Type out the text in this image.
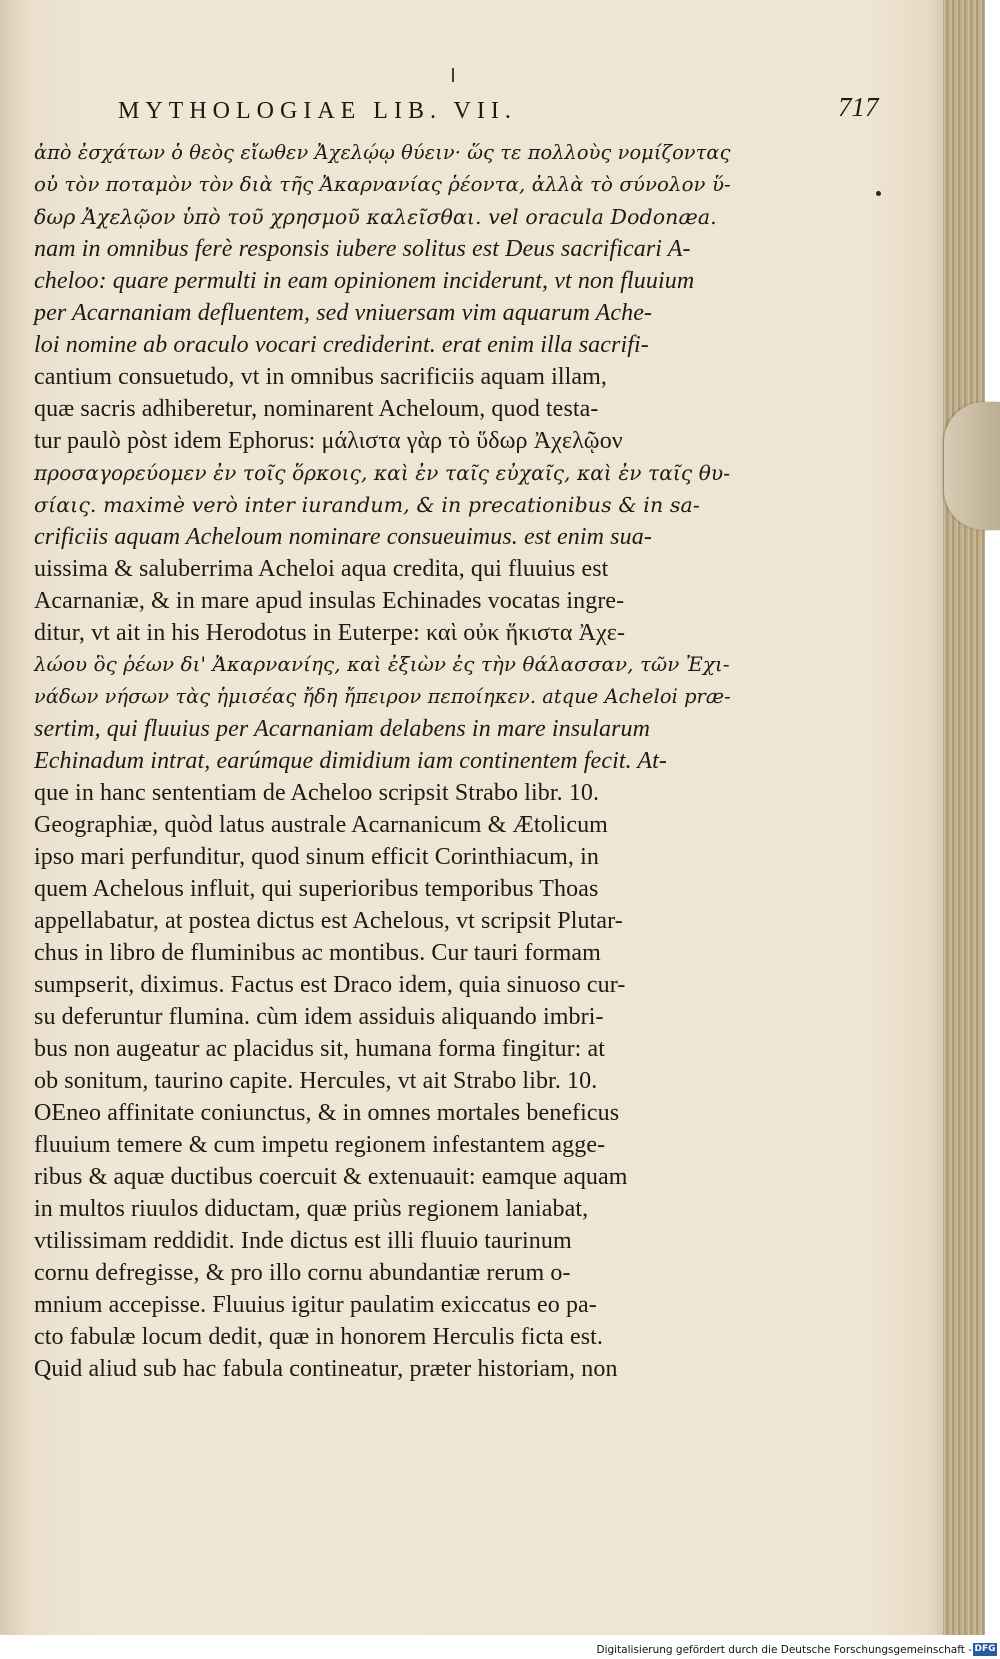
MYTHOLOGIAE LIB. VII.	717
ἀπὸ ἐσχάτων ὁ θεὸς εἴωθεν Ἀχελῴῳ θύειν· ὥς τε πολλοὺς νομίζοντας
οὐ τὸν ποταμὸν τὸν διὰ τῆς Ἀκαρνανίας ῥέοντα, ἀλλὰ τὸ σύνολον ὕ-
δωρ Ἀχελῷον ὑπὸ τοῦ χρησμοῦ καλεῖσθαι. vel oracula Dodonæa.
nam in omnibus ferè responsis iubere solitus est Deus sacrificari A-
cheloo: quare permulti in eam opinionem inciderunt, vt non fluuium
per Acarnaniam defluentem, sed vniuersam vim aquarum Ache-
loi nomine ab oraculo vocari crediderint. erat enim illa sacrifi-
cantium consuetudo, vt in omnibus sacrificiis aquam illam,
quæ sacris adhiberetur, nominarent Acheloum, quod testa-
tur paulò pòst idem Ephorus: μάλιστα γὰρ τὸ ὕδωρ Ἀχελῷον
προσαγορεύομεν ἐν τοῖς ὅρκοις, καὶ ἐν ταῖς εὐχαῖς, καὶ ἐν ταῖς θυ-
σίαις. maximè verò inter iurandum, & in precationibus & in sa-
crificiis aquam Acheloum nominare consueuimus. est enim sua-
uissima & saluberrima Acheloi aqua credita, qui fluuius est
Acarnaniæ, & in mare apud insulas Echinades vocatas ingre-
ditur, vt ait in his Herodotus in Euterpe: καὶ οὐκ ἥκιστα Ἀχε-
λώου ὃς ῥέων δι' Ἀκαρνανίης, καὶ ἐξιὼν ἐς τὴν θάλασσαν, τῶν Ἐχι-
νάδων νήσων τὰς ἡμισέας ἤδη ἤπειρον πεποίηκεν. atque Acheloi præ-
sertim, qui fluuius per Acarnaniam delabens in mare insularum
Echinadum intrat, earúmque dimidium iam continentem fecit. At-
que in hanc sententiam de Acheloo scripsit Strabo libr. 10.
Geographiæ, quòd latus australe Acarnanicum & Ætolicum
ipso mari perfunditur, quod sinum efficit Corinthiacum, in
quem Achelous influit, qui superioribus temporibus Thoas
appellabatur, at postea dictus est Achelous, vt scripsit Plutar-
chus in libro de fluminibus ac montibus. Cur tauri formam
sumpserit, diximus. Factus est Draco idem, quia sinuoso cur-
su deferuntur flumina. cùm idem assiduis aliquando imbri-
bus non augeatur ac placidus sit, humana forma fingitur: at
ob sonitum, taurino capite. Hercules, vt ait Strabo libr. 10.
OEneo affinitate coniunctus, & in omnes mortales beneficus
fluuium temere & cum impetu regionem infestantem agge-
ribus & aquæ ductibus coercuit & extenuauit: eamque aquam
in multos riuulos diductam, quæ priùs regionem laniabat,
vtilissimam reddidit. Inde dictus est illi fluuio taurinum
cornu defregisse, & pro illo cornu abundantiæ rerum o-
mnium accepisse. Fluuius igitur paulatim exiccatus eo pa-
cto fabulæ locum dedit, quæ in honorem Herculis ficta est.
Quid aliud sub hac fabula contineatur, præter historiam, non
Digitalisierung gefördert durch die Deutsche Forschungsgemeinschaft - DFG
